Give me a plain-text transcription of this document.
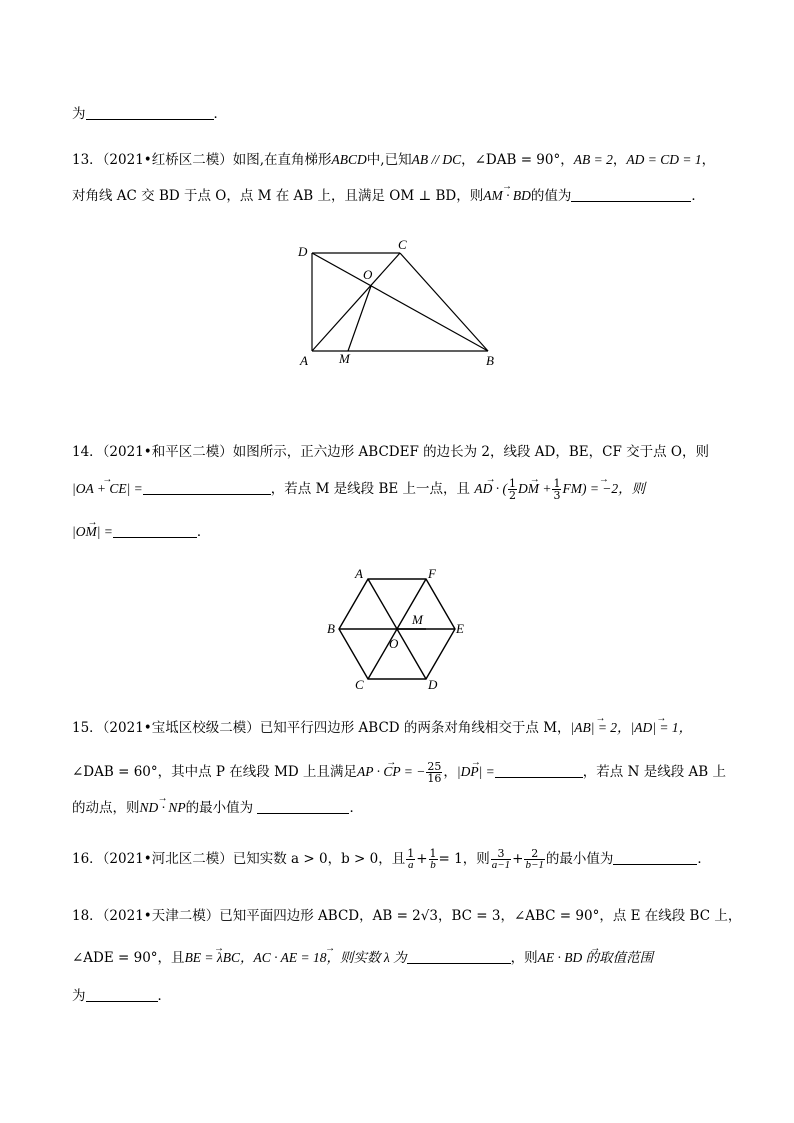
为	．
13．（2021•红桥区二模）如图,在直角梯形ABCD中,已知AB // DC，∠DAB = 90°，AB = 2，AD = CD = 1，
对角线 AC 交 BD 于点 O，点 M 在 AB 上，且满足 OM ⊥ BD，则→ AM · BD的值为	．
D	C
O
A M	B
14．（2021•和平区二模）如图所示，正六边形 ABCDEF 的边长为 2，线段 AD，BE，CF 交于点 O，则
→ |OA + CE| =	，若点 M 是线段 BE 上一点，且 → AD · ( $\frac{1}{2}$
→ DM + $\frac{1}{3}$
→ FM) = −2，则
→ |OM| =	．
A	F
B
M
E
O
C	D
15．（2021•宝坻区校级二模）已知平行四边形 ABCD 的两条对角线相交于点 M，→ |AB| = 2，→ |AD| = 1，
∠DAB = 60°，其中点 P 在线段 MD 上且满足→ AP · CP = − $\frac{25}{16}$ ，→ |DP| =	，若点 N 是线段 AB 上
的动点，则→ ND · NP的最小值为	．
16．（2021•河北区二模）已知实数 a > 0，b > 0，且 $\frac{1}{a} + \frac{1}{b} = 1$，则 $\frac{3}{a-1} + \frac{2}{b-1}$ 的最小值为	．
18．（2021•天津二模）已知平面四边形 ABCD，AB = 2√3，BC = 3，∠ABC = 90°，点 E 在线段 BC 上，
∠ADE = 90°，且→ BE = λBC，→ AC · AE = 18，则实数 λ 为	，则→ AE · BD 的取值范围
为	．
